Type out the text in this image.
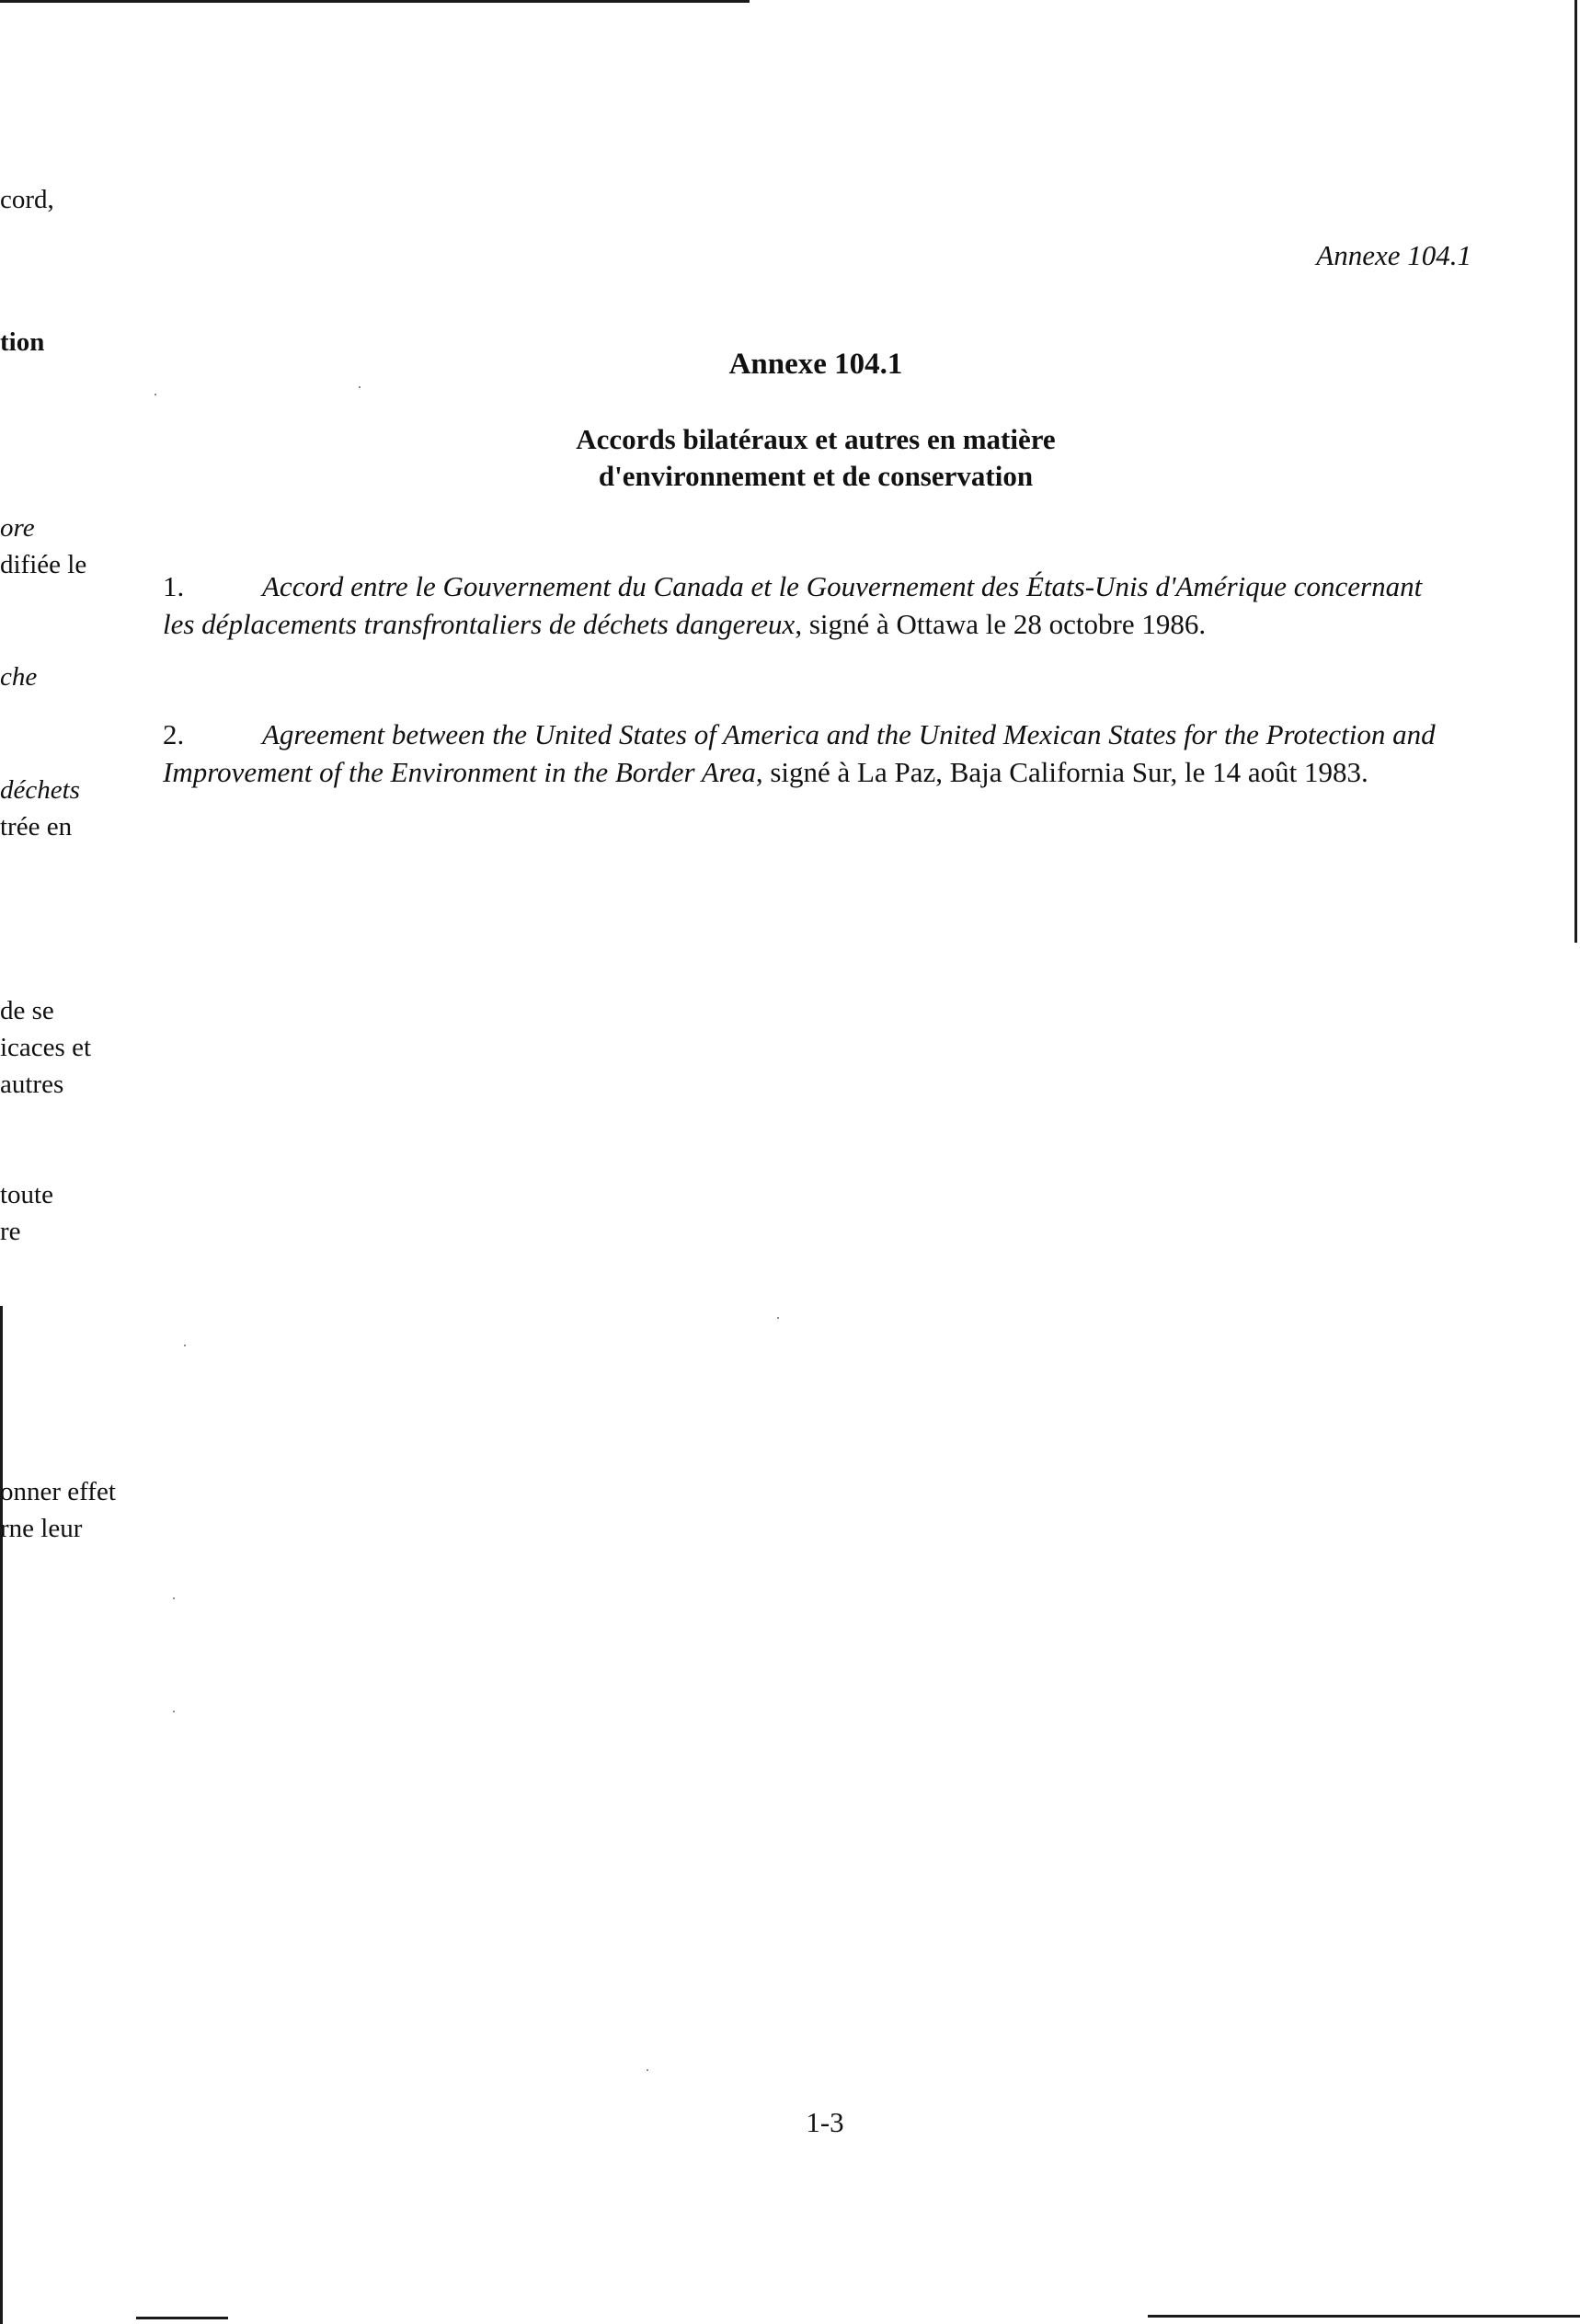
cord,
tion
ore
difiée le
che
déchets
trée en
de se
icaces et
autres
toute
re
onner effet
rne leur
Annexe 104.1
Annexe 104.1
Accords bilatéraux et autres en matière
d'environnement et de conservation
1.	Accord entre le Gouvernement du Canada et le Gouvernement des États-Unis d'Amérique concernant les déplacements transfrontaliers de déchets dangereux, signé à Ottawa le 28 octobre 1986.
2.	Agreement between the United States of America and the United Mexican States for the Protection and Improvement of the Environment in the Border Area, signé à La Paz, Baja California Sur, le 14 août 1983.
1-3
